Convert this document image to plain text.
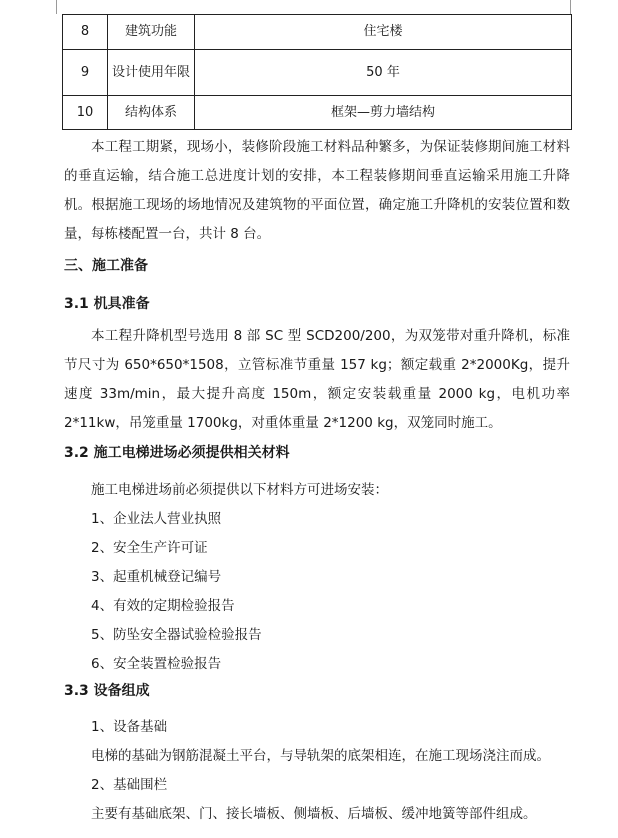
8	建筑功能	住宅楼
9	设计使用年限	50 年
10	结构体系	框架—剪力墙结构

本工程工期紧，现场小，装修阶段施工材料品种繁多，为保证装修期间施工材料的垂直运输，结合施工总进度计划的安排，本工程装修期间垂直运输采用施工升降机。根据施工现场的场地情况及建筑物的平面位置，确定施工升降机的安装位置和数量，每栋楼配置一台，共计 8 台。

三、施工准备

3.1 机具准备

本工程升降机型号选用 8 部 SC 型 SCD200/200，为双笼带对重升降机，标准节尺寸为 650*650*1508，立管标准节重量 157 kg；额定载重 2*2000Kg，提升速度 33m/min，最大提升高度 150m，额定安装载重量 2000 kg，电机功率 2*11kw，吊笼重量 1700kg，对重体重量 2*1200 kg，双笼同时施工。

3.2 施工电梯进场必须提供相关材料

施工电梯进场前必须提供以下材料方可进场安装：

1、企业法人营业执照

2、安全生产许可证

3、起重机械登记编号

4、有效的定期检验报告

5、防坠安全器试验检验报告

6、安全装置检验报告

3.3 设备组成

1、设备基础

电梯的基础为钢筋混凝土平台，与导轨架的底架相连，在施工现场浇注而成。

2、基础围栏

主要有基础底架、门、接长墙板、侧墙板、后墙板、缓冲地簧等部件组成。
